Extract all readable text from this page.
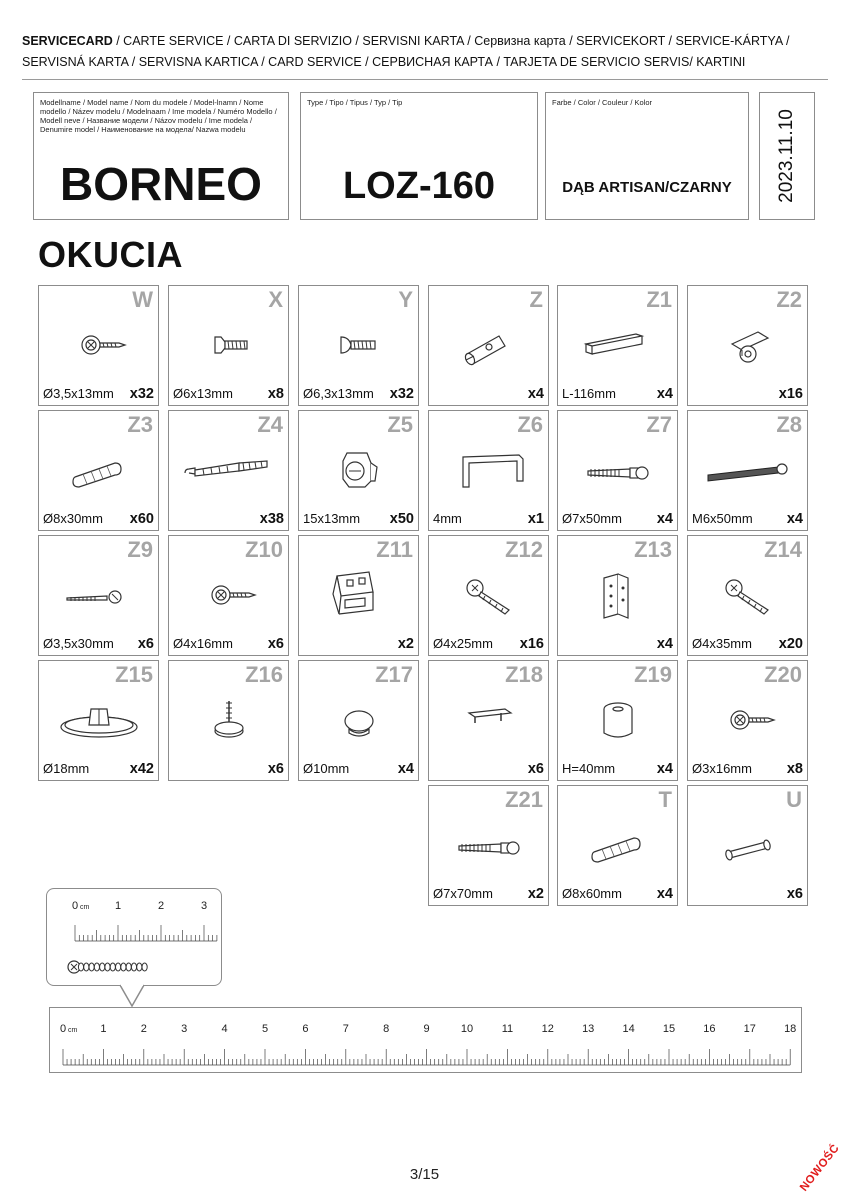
SERVICECARD / CARTE SERVICE / CARTA DI SERVIZIO / SERVISNI KARTA / Сервизна карта / SERVICEKORT / SERVICE-KÁRTYA /
SERVISNÁ KARTA / SERVISNA KARTICA / CARD SERVICE / СЕРВИСНАЯ КАРТА / TARJETA DE SERVICIO SERVIS/ KARTINI
Modellname / Model name / Nom du modele / Model-lnamn / Nome modello / Název modelu / Modelnaam / Ime modela / Numéro Modello / Modell neve / Название модели / Názov modelu / Ime modela / Denumire model / Наименование на модела/ Nazwa modelu
BORNEO
Type / Tipo / Tipus / Typ / Tip
LOZ-160
Farbe / Color / Couleur / Kolor
DĄB ARTISAN/CZARNY	2023.11.10
OKUCIA
W
Ø3,5x13mm x32
X
Ø6x13mm x8
Y
Ø6,3x13mm x32
Z
x4
Z1
L-116mm	x4
Z2
x16
Z3
Ø8x30mm x60
Z4
x38
Z5
15x13mm x50
Z6
4mm	x1
Z7
Ø7x50mm x4
Z8
M6x50mm x4
Z9
Ø3,5x30mm x6
Z10
Ø4x16mm x6
Z11
x2
Z12
Ø4x25mm x16
Z13
x4
Z14
Ø4x35mm x20
Z15
Ø18mm	x42
Z16
x6
Z17
Ø10mm	x4
Z18
x6
Z19
H=40mm	x4
Z20
Ø3x16mm x8
Z21
Ø7x70mm x2
T
Ø8x60mm x4
U
x6
0	1	2	3
cm
0	1	2	3	4	5	6	7	8	9	10	11	12	13	14	15	16	17	18
cm
3/15	NOWOŚĆ
